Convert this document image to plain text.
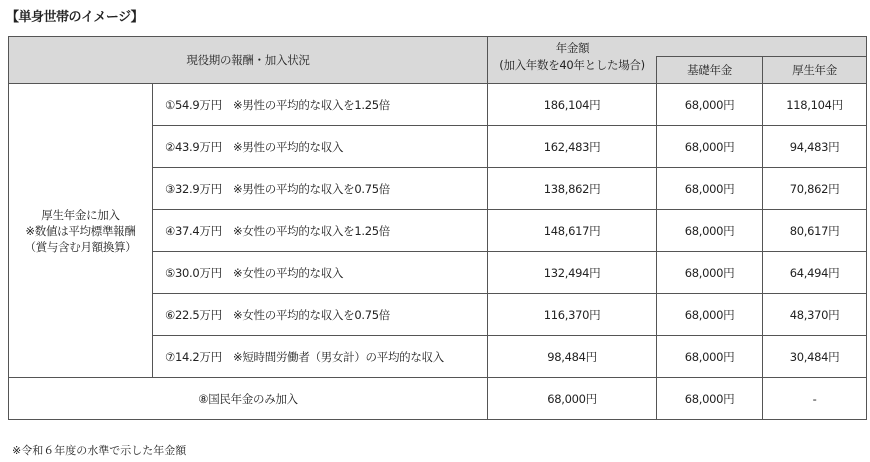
【単身世帯のイメージ】
現役期の報酬・加入状況		年金額		

		(加入年数を40年とした場合)	基礎年金	厚生年金

厚生年金に加入
※数値は平均標準報酬
（賞与含む月額換算）	①54.9万円　※男性の平均的な収入を1.25倍	186,104円	68,000円	118,104円
	②43.9万円　※男性の平均的な収入	162,483円	68,000円	94,483円
	③32.9万円　※男性の平均的な収入を0.75倍	138,862円	68,000円	70,862円
	④37.4万円　※女性の平均的な収入を1.25倍	148,617円	68,000円	80,617円
	⑤30.0万円　※女性の平均的な収入	132,494円	68,000円	64,494円
	⑥22.5万円　※女性の平均的な収入を0.75倍	116,370円	68,000円	48,370円
	⑦14.2万円　※短時間労働者（男女計）の平均的な収入	98,484円	68,000円	30,484円
⑧国民年金のみ加入		68,000円	68,000円	-
※令和６年度の水準で示した年金額
